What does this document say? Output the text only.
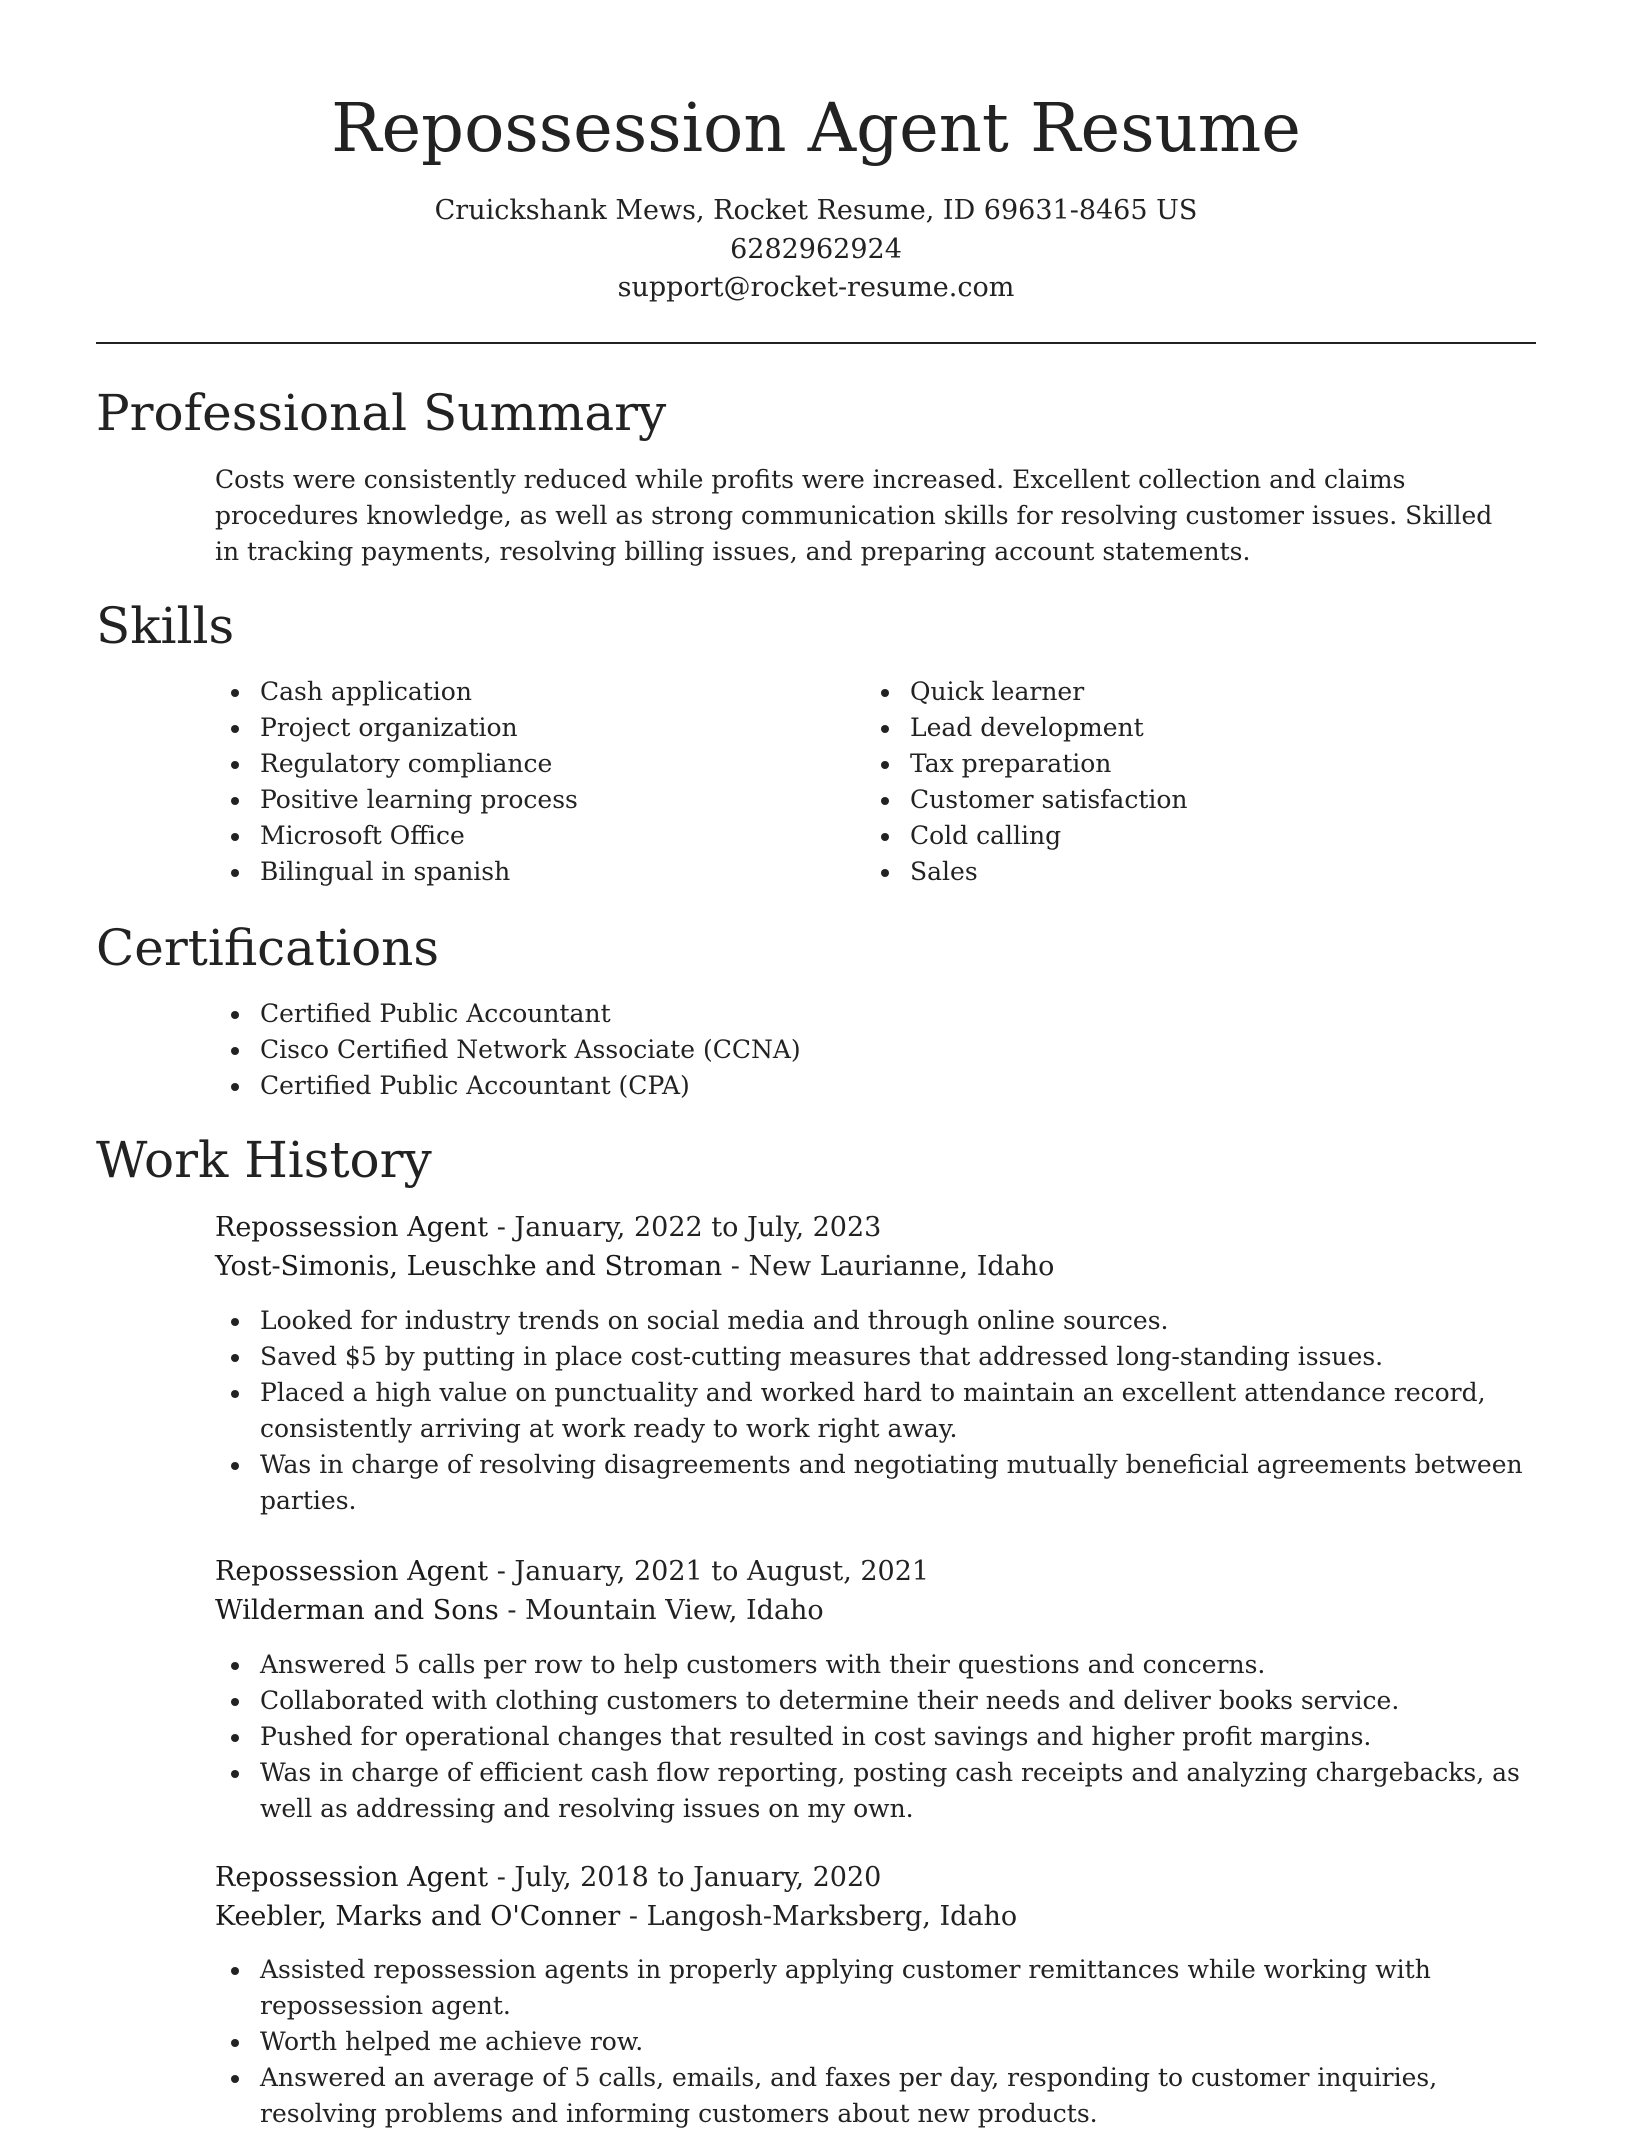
Repossession Agent Resume
Cruickshank Mews, Rocket Resume, ID 69631-8465 US
6282962924
support@rocket-resume.com
Professional Summary

Costs were consistently reduced while profits were increased. Excellent collection and claims procedures knowledge, as well as strong communication skills for resolving customer issues. Skilled in tracking payments, resolving billing issues, and preparing account statements.

Skills
Cash application
Project organization
Regulatory compliance
Positive learning process
Microsoft Office
Bilingual in spanish
Quick learner
Lead development
Tax preparation
Customer satisfaction
Cold calling
Sales
Certifications
Certified Public Accountant
Cisco Certified Network Associate (CCNA)
Certified Public Accountant (CPA)
Work History
Repossession Agent - January, 2022 to July, 2023
Yost-Simonis, Leuschke and Stroman - New Laurianne, Idaho
Looked for industry trends on social media and through online sources.
Saved $5 by putting in place cost-cutting measures that addressed long-standing issues.
Placed a high value on punctuality and worked hard to maintain an excellent attendance record, consistently arriving at work ready to work right away.
Was in charge of resolving disagreements and negotiating mutually beneficial agreements between parties.
Repossession Agent - January, 2021 to August, 2021
Wilderman and Sons - Mountain View, Idaho
Answered 5 calls per row to help customers with their questions and concerns.
Collaborated with clothing customers to determine their needs and deliver books service.
Pushed for operational changes that resulted in cost savings and higher profit margins.
Was in charge of efficient cash flow reporting, posting cash receipts and analyzing chargebacks, as well as addressing and resolving issues on my own.
Repossession Agent - July, 2018 to January, 2020
Keebler, Marks and O'Conner - Langosh-Marksberg, Idaho
Assisted repossession agents in properly applying customer remittances while working with repossession agent.
Worth helped me achieve row.
Answered an average of 5 calls, emails, and faxes per day, responding to customer inquiries, resolving problems and informing customers about new products.
